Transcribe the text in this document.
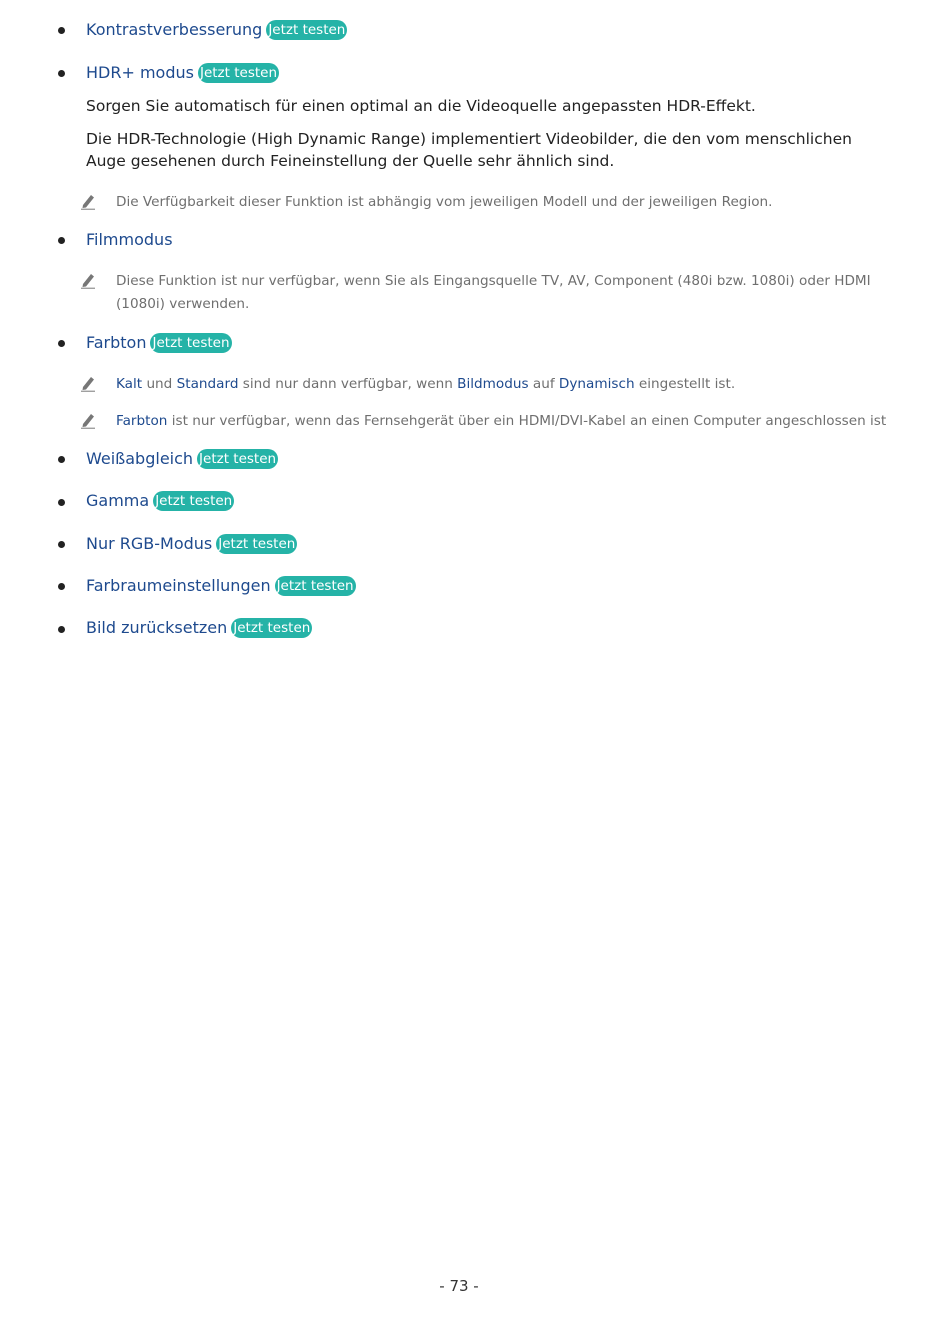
Kontrastverbesserung Jetzt testen
HDR+ modus Jetzt testen
Sorgen Sie automatisch für einen optimal an die Videoquelle angepassten HDR-Effekt.
Die HDR-Technologie (High Dynamic Range) implementiert Videobilder, die den vom menschlichen Auge gesehenen durch Feineinstellung der Quelle sehr ähnlich sind.
Die Verfügbarkeit dieser Funktion ist abhängig vom jeweiligen Modell und der jeweiligen Region.
Filmmodus
Diese Funktion ist nur verfügbar, wenn Sie als Eingangsquelle TV, AV, Component (480i bzw. 1080i) oder HDMI (1080i) verwenden.
Farbton Jetzt testen
Kalt und Standard sind nur dann verfügbar, wenn Bildmodus auf Dynamisch eingestellt ist.
Farbton ist nur verfügbar, wenn das Fernsehgerät über ein HDMI/DVI-Kabel an einen Computer angeschlossen ist
Weißabgleich Jetzt testen
Gamma Jetzt testen
Nur RGB-Modus Jetzt testen
Farbraumeinstellungen Jetzt testen
Bild zurücksetzen Jetzt testen
- 73 -
